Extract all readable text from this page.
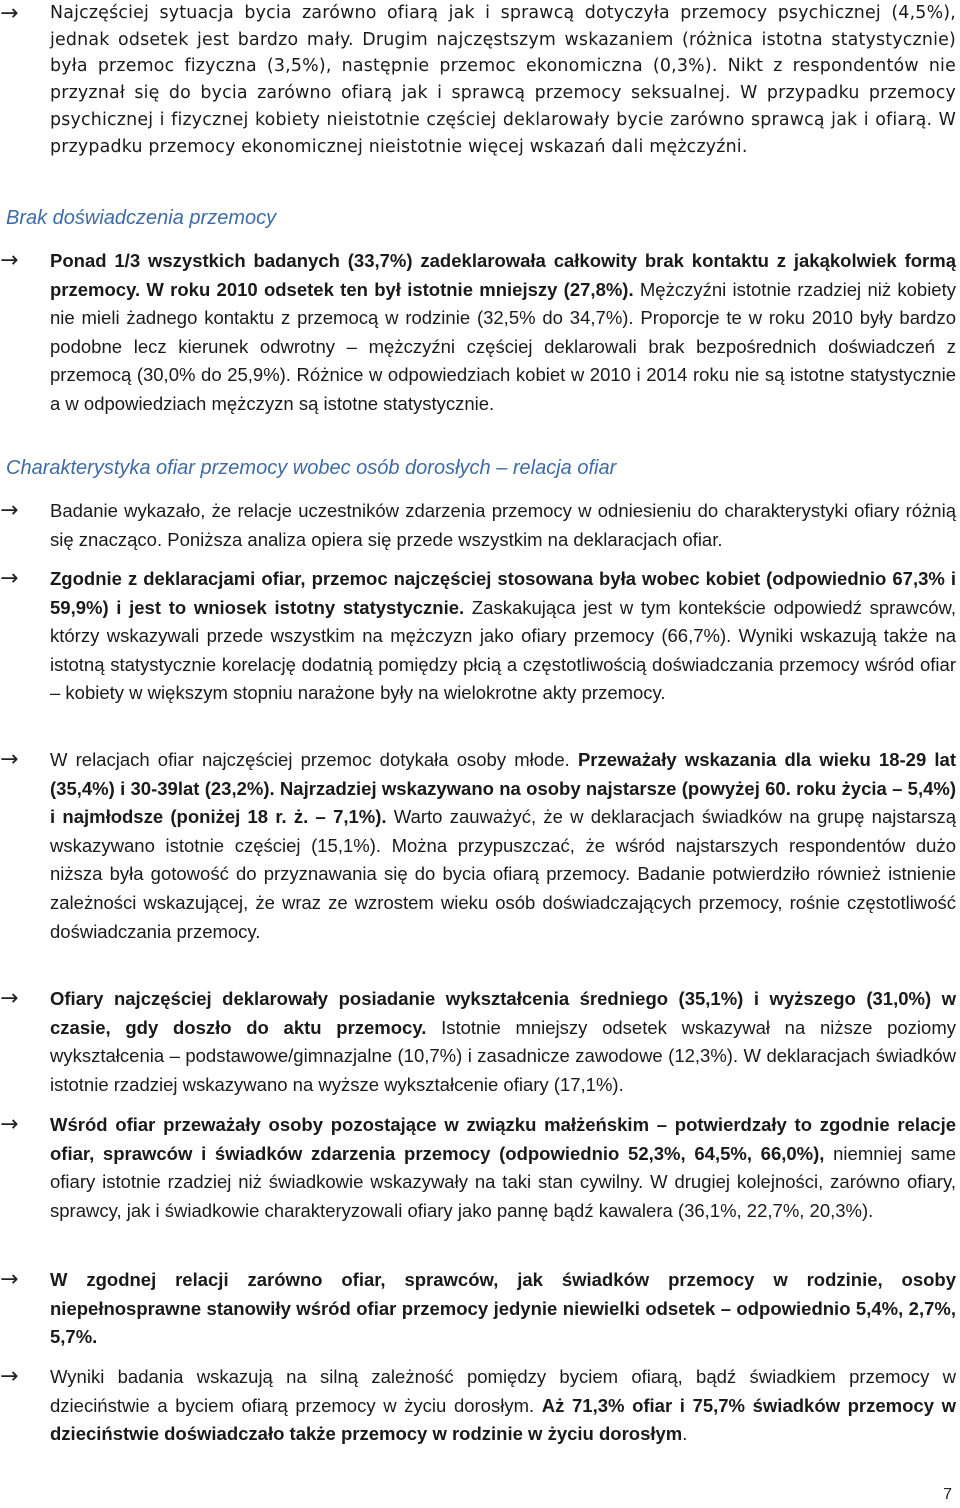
→	Najczęściej sytuacja bycia zarówno ofiarą jak i sprawcą dotyczyła przemocy psychicznej (4,5%), jednak odsetek jest bardzo mały. Drugim najczęstszym wskazaniem (różnica istotna statystycznie) była przemoc fizyczna (3,5%), następnie przemoc ekonomiczna (0,3%). Nikt z respondentów nie przyznał się do bycia zarówno ofiarą jak i sprawcą przemocy seksualnej. W przypadku przemocy psychicznej i fizycznej kobiety nieistotnie częściej deklarowały bycie zarówno sprawcą jak i ofiarą. W przypadku przemocy ekonomicznej nieistotnie więcej wskazań dali mężczyźni.
Brak doświadczenia przemocy
→	Ponad 1/3 wszystkich badanych (33,7%) zadeklarowała całkowity brak kontaktu z jakąkolwiek formą przemocy. W roku 2010 odsetek ten był istotnie mniejszy (27,8%). Mężczyźni istotnie rzadziej niż kobiety nie mieli żadnego kontaktu z przemocą w rodzinie (32,5% do 34,7%). Proporcje te w roku 2010 były bardzo podobne lecz kierunek odwrotny – mężczyźni częściej deklarowali brak bezpośrednich doświadczeń z przemocą (30,0% do 25,9%). Różnice w odpowiedziach kobiet w 2010 i 2014 roku nie są istotne statystycznie a w odpowiedziach mężczyzn są istotne statystycznie.
Charakterystyka ofiar przemocy wobec osób dorosłych – relacja ofiar
→	Badanie wykazało, że relacje uczestników zdarzenia przemocy w odniesieniu do charakterystyki ofiary różnią się znacząco. Poniższa analiza opiera się przede wszystkim na deklaracjach ofiar.
→	Zgodnie z deklaracjami ofiar, przemoc najczęściej stosowana była wobec kobiet (odpowiednio 67,3% i 59,9%) i jest to wniosek istotny statystycznie. Zaskakująca jest w tym kontekście odpowiedź sprawców, którzy wskazywali przede wszystkim na mężczyzn jako ofiary przemocy (66,7%). Wyniki wskazują także na istotną statystycznie korelację dodatnią pomiędzy płcią a częstotliwością doświadczania przemocy wśród ofiar – kobiety w większym stopniu narażone były na wielokrotne akty przemocy.
→	W relacjach ofiar najczęściej przemoc dotykała osoby młode. Przeważały wskazania dla wieku 18-29 lat (35,4%) i 30-39lat (23,2%). Najrzadziej wskazywano na osoby najstarsze (powyżej 60. roku życia – 5,4%) i najmłodsze (poniżej 18 r. ż. – 7,1%). Warto zauważyć, że w deklaracjach świadków na grupę najstarszą wskazywano istotnie częściej (15,1%). Można przypuszczać, że wśród najstarszych respondentów dużo niższa była gotowość do przyznawania się do bycia ofiarą przemocy. Badanie potwierdziło również istnienie zależności wskazującej, że wraz ze wzrostem wieku osób doświadczających przemocy, rośnie częstotliwość doświadczania przemocy.
→	Ofiary najczęściej deklarowały posiadanie wykształcenia średniego (35,1%) i wyższego (31,0%) w czasie, gdy doszło do aktu przemocy. Istotnie mniejszy odsetek wskazywał na niższe poziomy wykształcenia – podstawowe/gimnazjalne (10,7%) i zasadnicze zawodowe (12,3%). W deklaracjach świadków istotnie rzadziej wskazywano na wyższe wykształcenie ofiary (17,1%).
→	Wśród ofiar przeważały osoby pozostające w związku małżeńskim – potwierdzały to zgodnie relacje ofiar, sprawców i świadków zdarzenia przemocy (odpowiednio 52,3%, 64,5%, 66,0%), niemniej same ofiary istotnie rzadziej niż świadkowie wskazywały na taki stan cywilny. W drugiej kolejności, zarówno ofiary, sprawcy, jak i świadkowie charakteryzowali ofiary jako pannę bądź kawalera (36,1%, 22,7%, 20,3%).
→	W zgodnej relacji zarówno ofiar, sprawców, jak świadków przemocy w rodzinie, osoby niepełnosprawne stanowiły wśród ofiar przemocy jedynie niewielki odsetek – odpowiednio 5,4%, 2,7%, 5,7%.
→	Wyniki badania wskazują na silną zależność pomiędzy byciem ofiarą, bądź świadkiem przemocy w dzieciństwie a byciem ofiarą przemocy w życiu dorosłym. Aż 71,3% ofiar i 75,7% świadków przemocy w dzieciństwie doświadczało także przemocy w rodzinie w życiu dorosłym.
7
